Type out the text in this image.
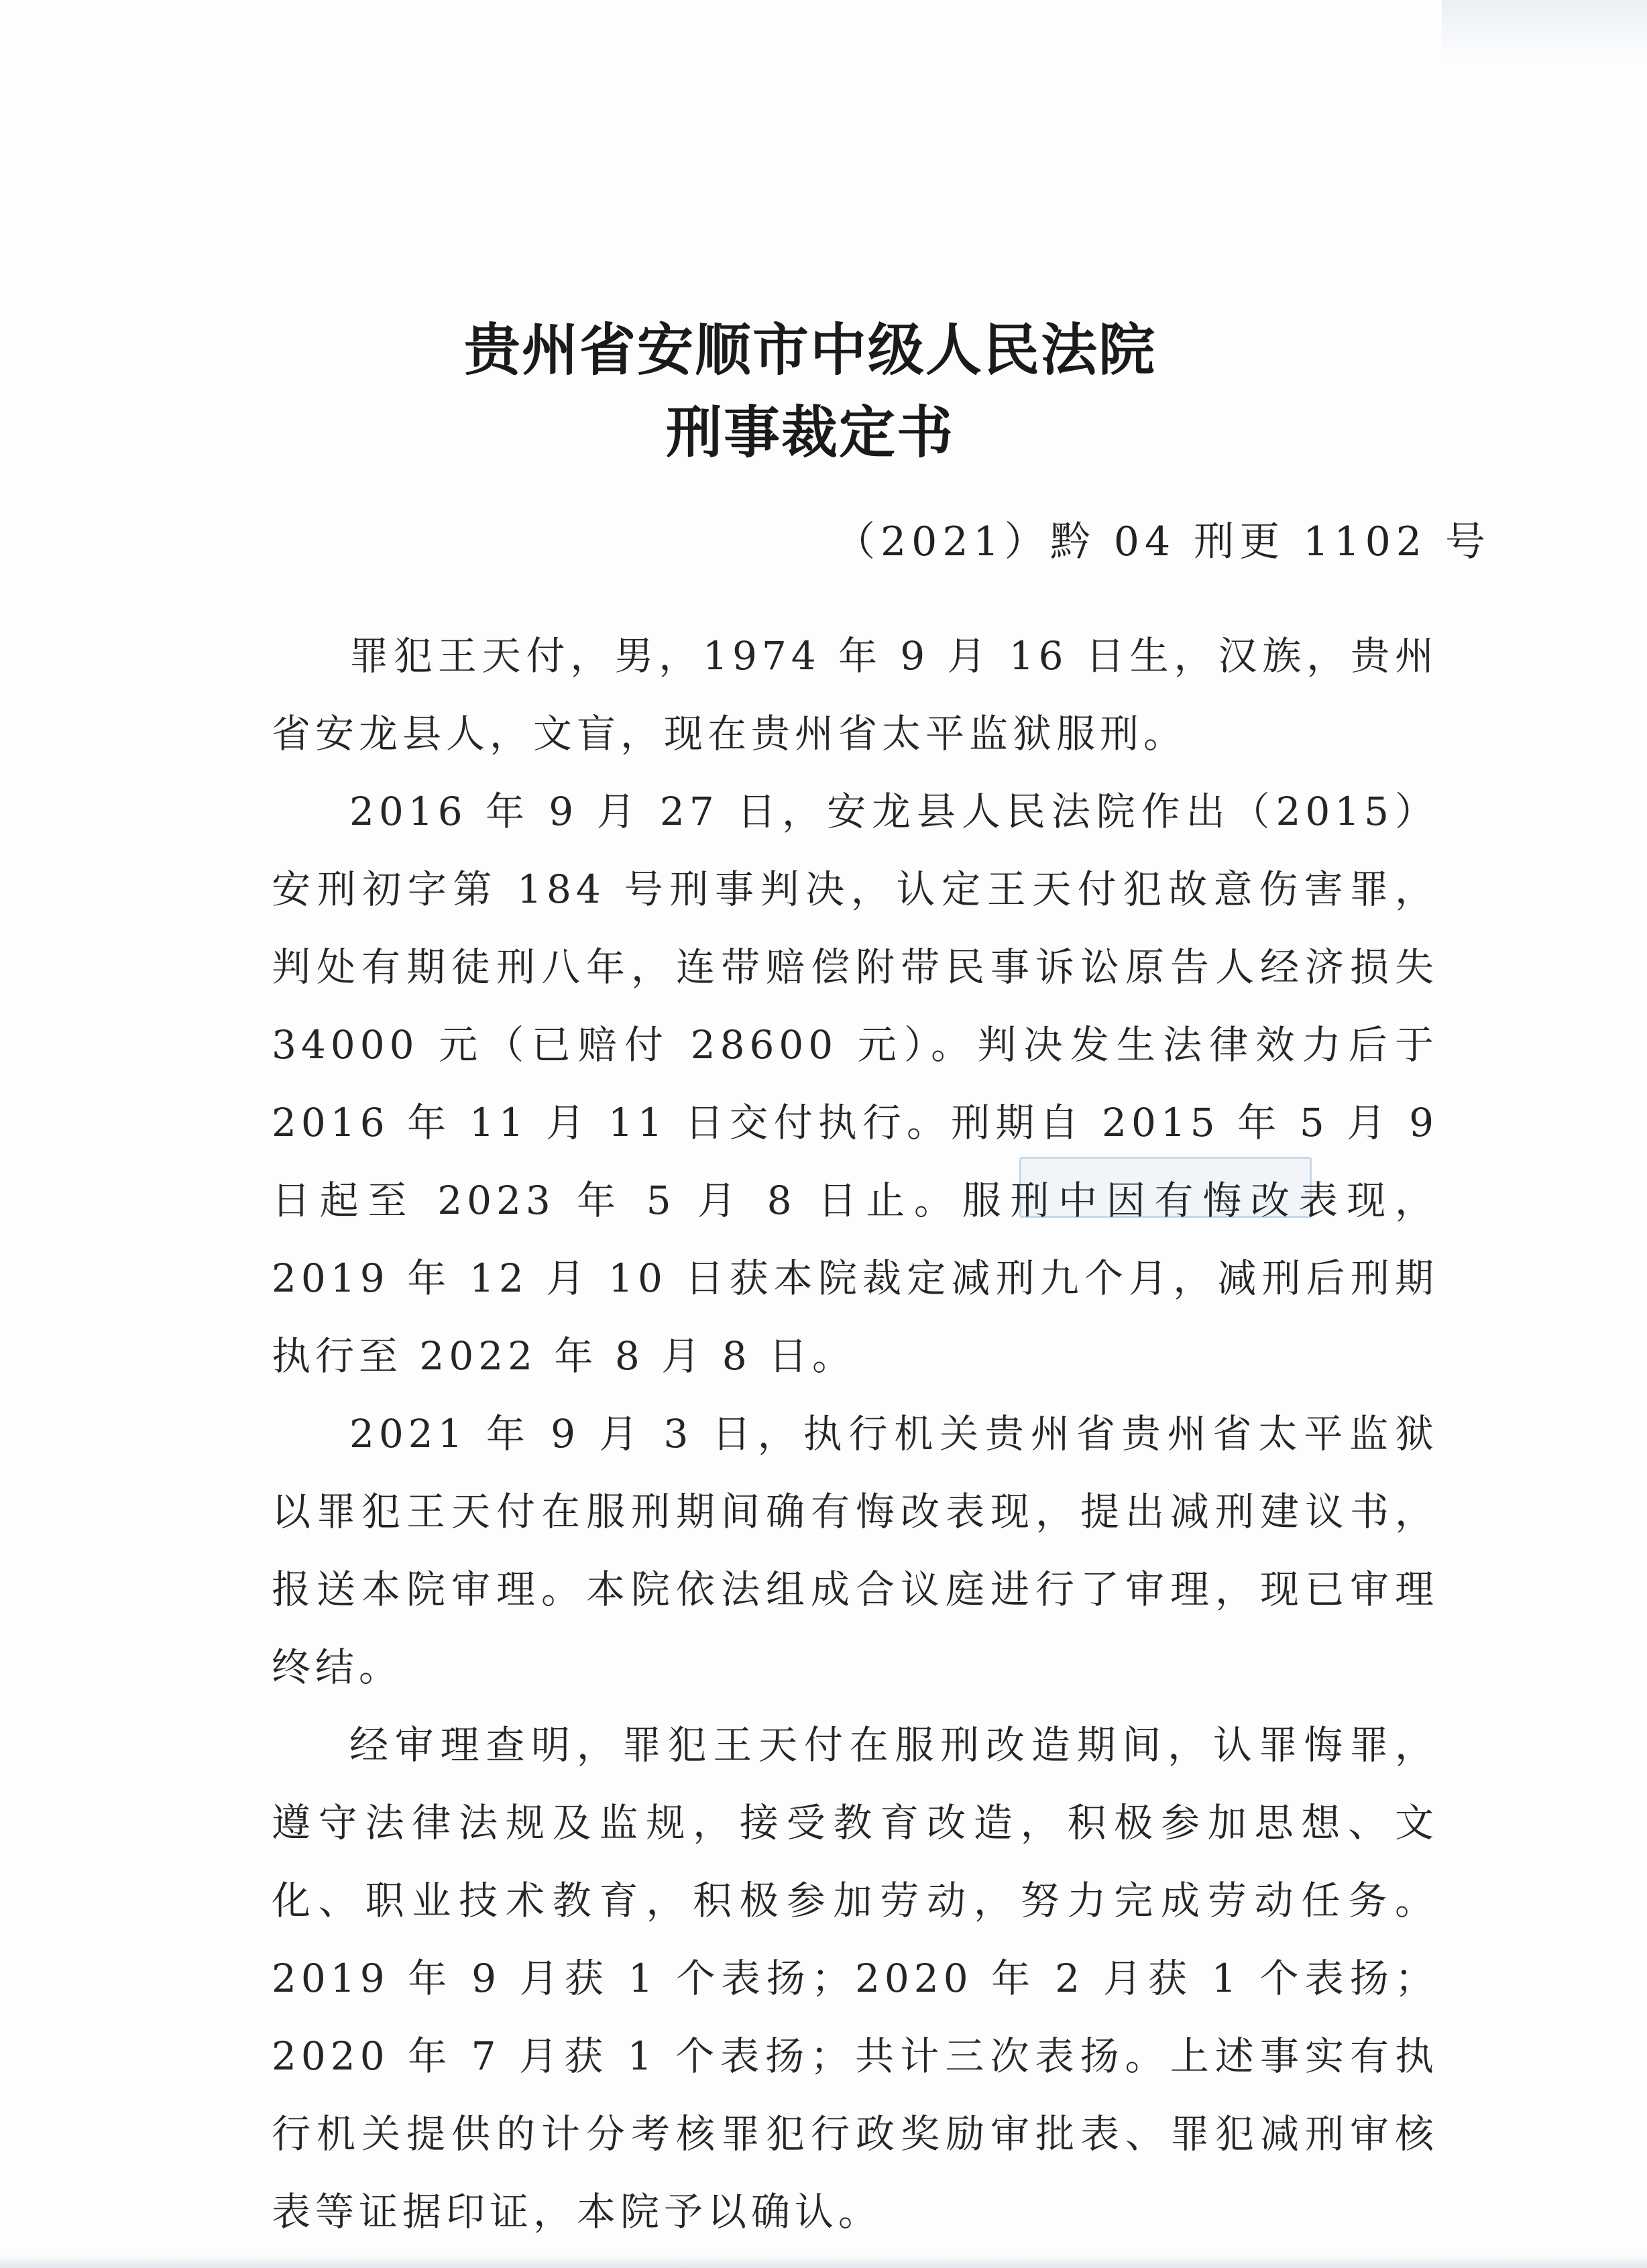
贵州省安顺市中级人民法院
刑事裁定书
（2021）黔 04 刑更 1102 号

罪犯王天付，男，1974 年 9 月 16 日生，汉族，贵州省安龙县人，文盲，现在贵州省太平监狱服刑。

2016 年 9 月 27 日，安龙县人民法院作出（2015）安刑初字第 184 号刑事判决，认定王天付犯故意伤害罪，判处有期徒刑八年，连带赔偿附带民事诉讼原告人经济损失 34000 元（已赔付 28600 元）。判决发生法律效力后于 2016 年 11 月 11 日交付执行。刑期自 2015 年 5 月 9 日起至 2023 年 5 月 8 日止。服刑中因有悔改表现，2019 年 12 月 10 日获本院裁定减刑九个月，减刑后刑期执行至 2022 年 8 月 8 日。

2021 年 9 月 3 日，执行机关贵州省贵州省太平监狱以罪犯王天付在服刑期间确有悔改表现，提出减刑建议书，报送本院审理。本院依法组成合议庭进行了审理，现已审理终结。

经审理查明，罪犯王天付在服刑改造期间，认罪悔罪，遵守法律法规及监规，接受教育改造，积极参加思想、文化、职业技术教育，积极参加劳动，努力完成劳动任务。2019 年 9 月获 1 个表扬；2020 年 2 月获 1 个表扬；2020 年 7 月获 1 个表扬；共计三次表扬。上述事实有执行机关提供的计分考核罪犯行政奖励审批表、罪犯减刑审核表等证据印证，本院予以确认。
